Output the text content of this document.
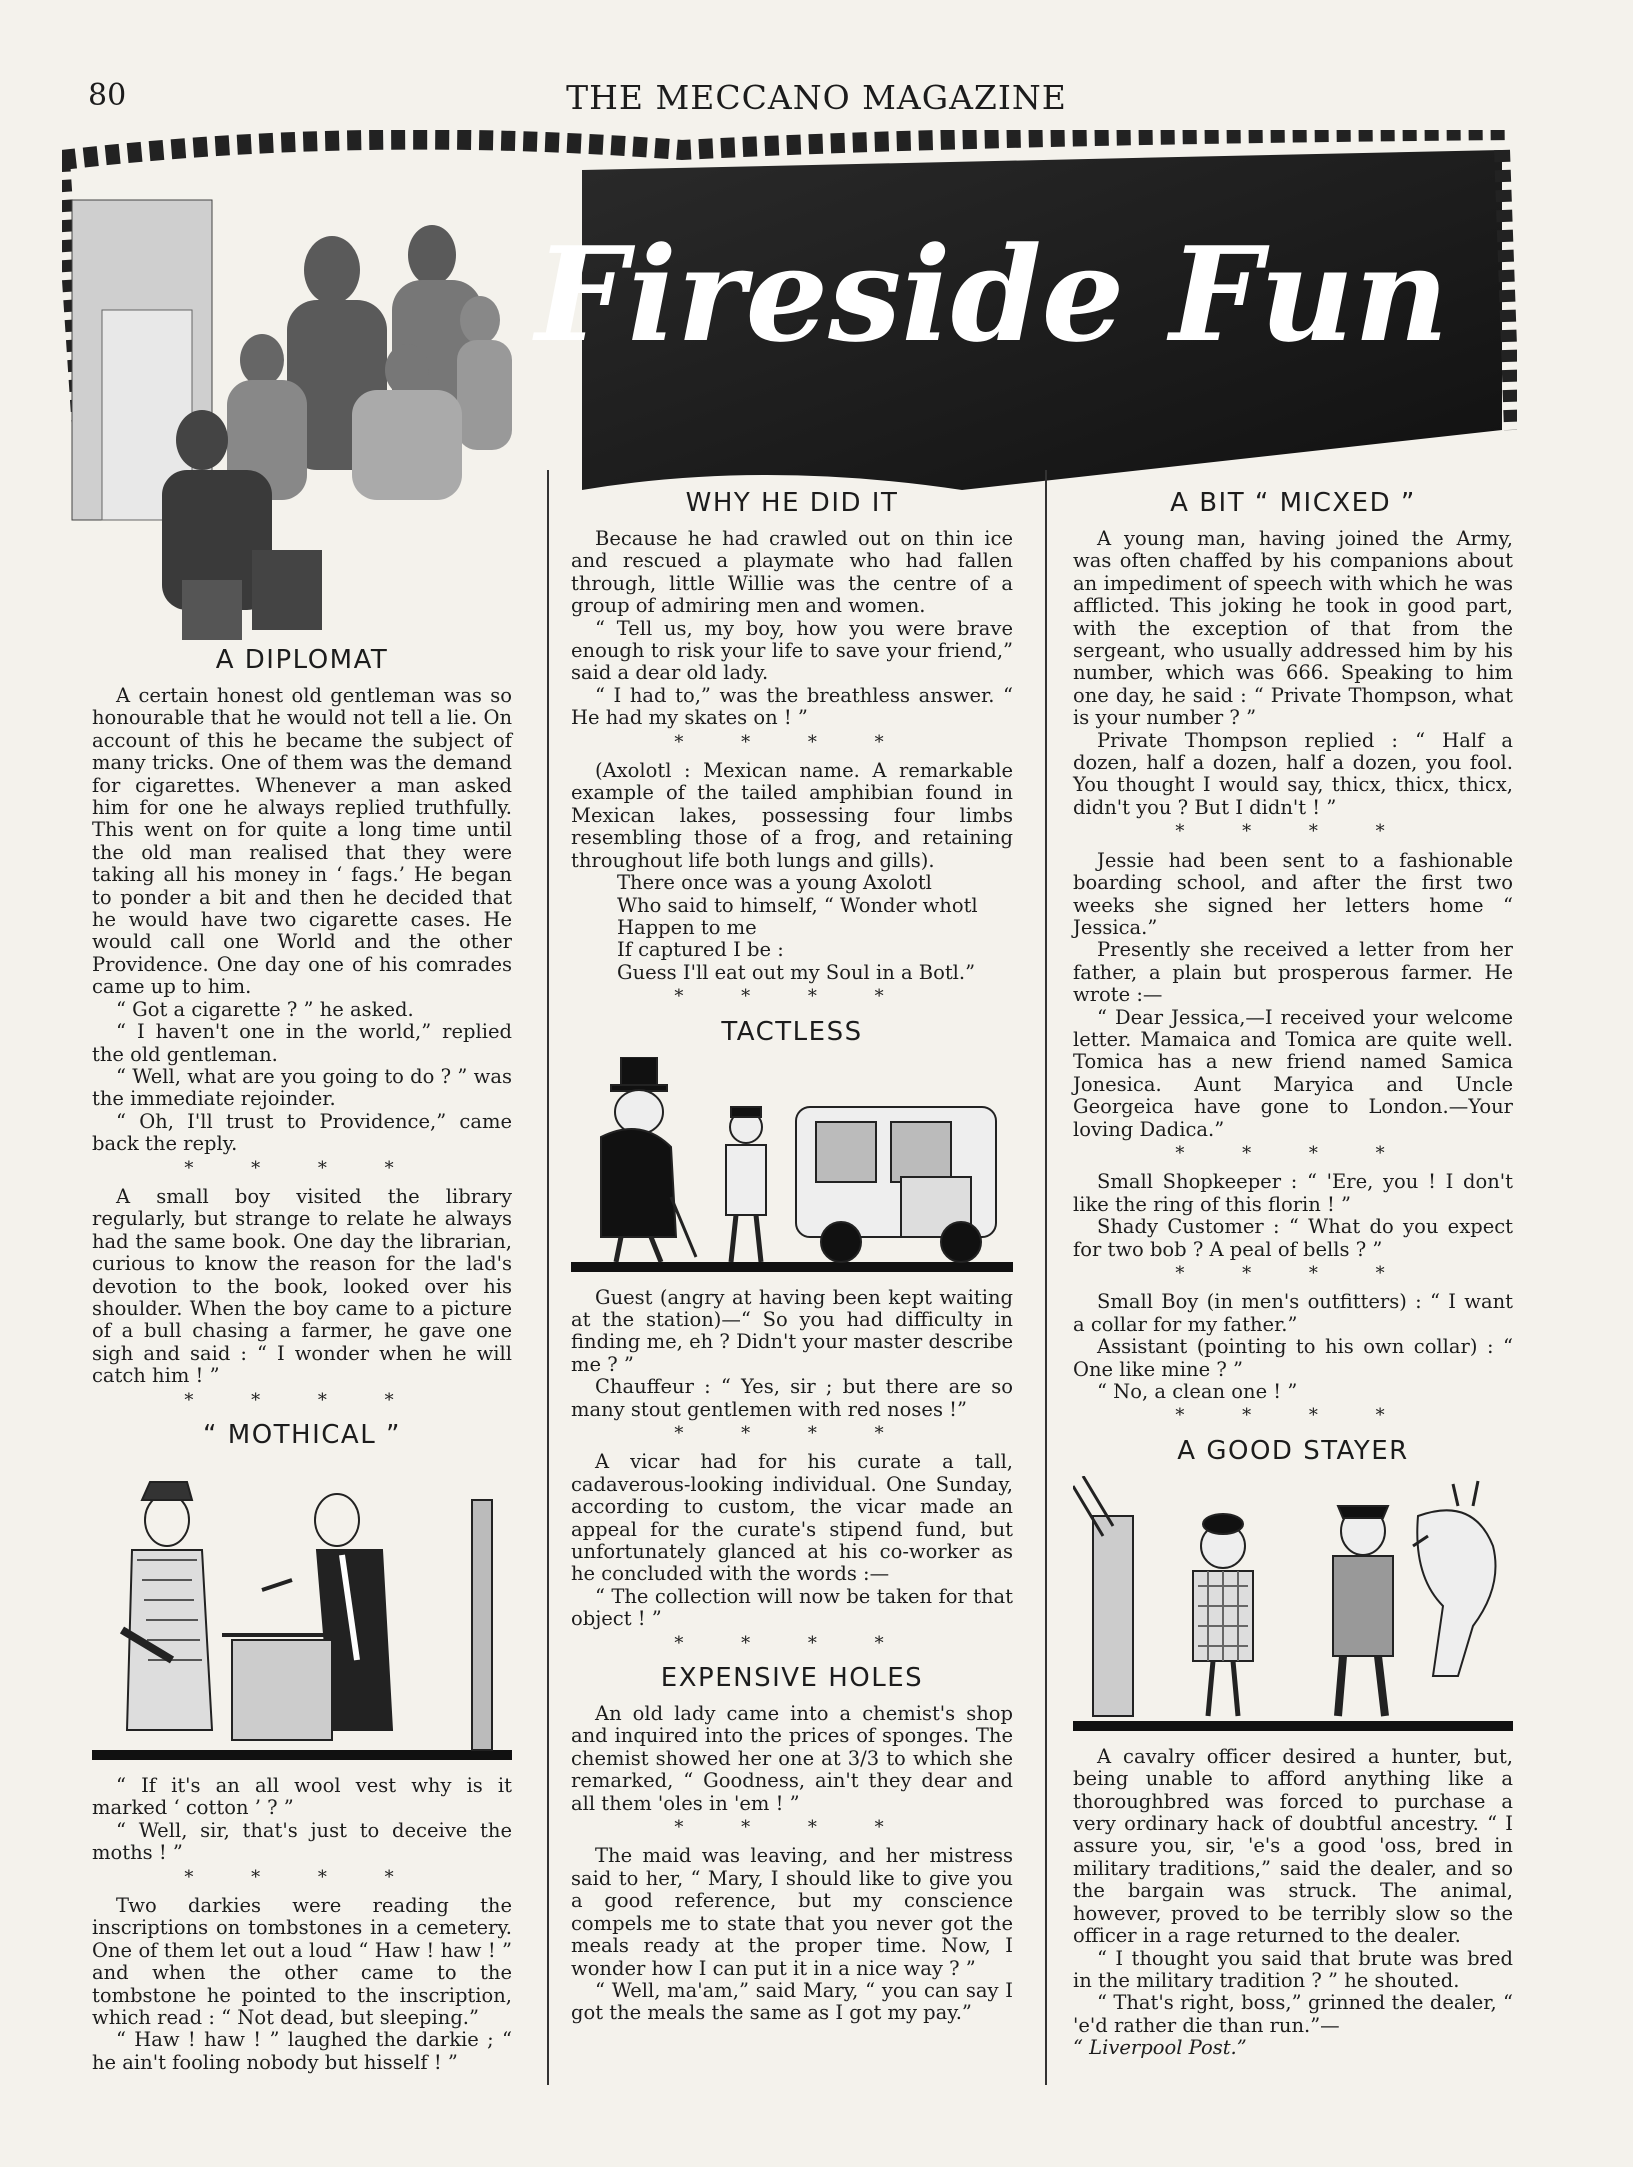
80	THE MECCANO MAGAZINE
Fireside Fun

A DIPLOMAT

A certain honest old gentleman was so honourable that he would not tell a lie. On account of this he became the subject of many tricks. One of them was the demand for cigarettes. Whenever a man asked him for one he always replied truthfully. This went on for quite a long time until the old man realised that they were taking all his money in ‘ fags.’ He began to ponder a bit and then he decided that he would have two cigarette cases. He would call one World and the other Providence. One day one of his comrades came up to him.

“ Got a cigarette ? ” he asked.

“ I haven't one in the world,” replied the old gentleman.

“ Well, what are you going to do ? ” was the immediate rejoinder.

“ Oh, I'll trust to Providence,” came back the reply.

* * * *

A small boy visited the library regularly, but strange to relate he always had the same book. One day the librarian, curious to know the reason for the lad's devotion to the book, looked over his shoulder. When the boy came to a picture of a bull chasing a farmer, he gave one sigh and said : “ I wonder when he will catch him ! ”

* * * *

“ MOTHICAL ”

“ If it's an all wool vest why is it marked ‘ cotton ’ ? ”

“ Well, sir, that's just to deceive the moths ! ”

* * * *

Two darkies were reading the inscriptions on tombstones in a cemetery. One of them let out a loud “ Haw ! haw ! ” and when the other came to the tombstone he pointed to the inscription, which read : “ Not dead, but sleeping.”

“ Haw ! haw ! ” laughed the darkie ; “ he ain't fooling nobody but hisself ! ”

WHY HE DID IT

Because he had crawled out on thin ice and rescued a playmate who had fallen through, little Willie was the centre of a group of admiring men and women.

“ Tell us, my boy, how you were brave enough to risk your life to save your friend,” said a dear old lady.

“ I had to,” was the breathless answer. “ He had my skates on ! ”

* * * *

(Axolotl : Mexican name. A remarkable example of the tailed amphibian found in Mexican lakes, possessing four limbs resembling those of a frog, and retaining throughout life both lungs and gills).

There once was a young Axolotl

Who said to himself, “ Wonder whotl

Happen to me

If captured I be :

Guess I'll eat out my Soul in a Botl.”

* * * *

TACTLESS

Guest (angry at having been kept waiting at the station)—“ So you had difficulty in finding me, eh ? Didn't your master describe me ? ”

Chauffeur : “ Yes, sir ; but there are so many stout gentlemen with red noses !”

* * * *

A vicar had for his curate a tall, cadaverous-looking individual. One Sunday, according to custom, the vicar made an appeal for the curate's stipend fund, but unfortunately glanced at his co-worker as he concluded with the words :—

“ The collection will now be taken for that object ! ”

* * * *

EXPENSIVE HOLES

An old lady came into a chemist's shop and inquired into the prices of sponges. The chemist showed her one at 3/3 to which she remarked, “ Goodness, ain't they dear and all them 'oles in 'em ! ”

* * * *

The maid was leaving, and her mistress said to her, “ Mary, I should like to give you a good reference, but my conscience compels me to state that you never got the meals ready at the proper time. Now, I wonder how I can put it in a nice way ? ”

“ Well, ma'am,” said Mary, “ you can say I got the meals the same as I got my pay.”

A BIT “ MICXED ”

A young man, having joined the Army, was often chaffed by his companions about an impediment of speech with which he was afflicted. This joking he took in good part, with the exception of that from the sergeant, who usually addressed him by his number, which was 666. Speaking to him one day, he said : “ Private Thompson, what is your number ? ”

Private Thompson replied : “ Half a dozen, half a dozen, half a dozen, you fool. You thought I would say, thicx, thicx, thicx, didn't you ? But I didn't ! ”

* * * *

Jessie had been sent to a fashionable boarding school, and after the first two weeks she signed her letters home “ Jessica.”

Presently she received a letter from her father, a plain but prosperous farmer. He wrote :—

“ Dear Jessica,—I received your welcome letter. Mamaica and Tomica are quite well. Tomica has a new friend named Samica Jonesica. Aunt Maryica and Uncle Georgeica have gone to London.—Your loving Dadica.”

* * * *

Small Shopkeeper : “ 'Ere, you ! I don't like the ring of this florin ! ”

Shady Customer : “ What do you expect for two bob ? A peal of bells ? ”

* * * *

Small Boy (in men's outfitters) : “ I want a collar for my father.”

Assistant (pointing to his own collar) : “ One like mine ? ”

“ No, a clean one ! ”

* * * *

A GOOD STAYER

A cavalry officer desired a hunter, but, being unable to afford anything like a thoroughbred was forced to purchase a very ordinary hack of doubtful ancestry. “ I assure you, sir, 'e's a good 'oss, bred in military traditions,” said the dealer, and so the bargain was struck. The animal, however, proved to be terribly slow so the officer in a rage returned to the dealer.

“ I thought you said that brute was bred in the military tradition ? ” he shouted.

“ That's right, boss,” grinned the dealer, “ 'e'd rather die than run.”—

“ Liverpool Post.”
